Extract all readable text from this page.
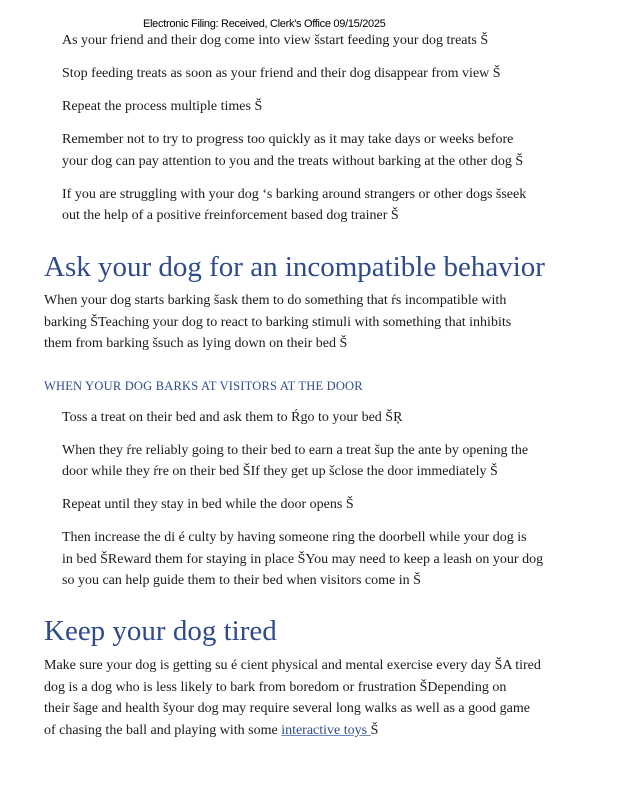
Electronic Filing: Received, Clerk's Office 09/15/2025

As your friend and their dog come into view šstart feeding your dog treats Š

Stop feeding treats as soon as your friend and their dog disappear from view Š

Repeat the process multiple times Š

Remember not to try to progress too quickly as it may take days or weeks before

your dog can pay attention to you and the treats without barking at the other dog Š

If you are struggling with your dog ‘s barking around strangers or other dogs šseek

out the help of a positive ŕreinforcement based dog trainer Š

Ask your dog for an incompatible behavior

When your dog starts barking šask them to do something that ŕs incompatible with

barking ŠTeaching your dog to react to barking stimuli with something that inhibits

them from barking šsuch as lying down on their bed Š

WHEN YOUR DOG BARKS AT VISITORS AT THE DOOR

Toss a treat on their bed and ask them to Ŕgo to your bed ŠŖ

When they ŕre reliably going to their bed to earn a treat šup the ante by opening the

door while they ŕre on their bed ŠIf they get up šclose the door immediately Š

Repeat until they stay in bed while the door opens Š

Then increase the di é culty by having someone ring the doorbell while your dog is

in bed ŠReward them for staying in place ŠYou may need to keep a leash on your dog

so you can help guide them to their bed when visitors come in Š

Keep your dog tired

Make sure your dog is getting su é cient physical and mental exercise every day ŠA tired

dog is a dog who is less likely to bark from boredom or frustration ŠDepending on

their šage and health šyour dog may require several long walks as well as a good game

of chasing the ball and playing with some interactive toys Š
